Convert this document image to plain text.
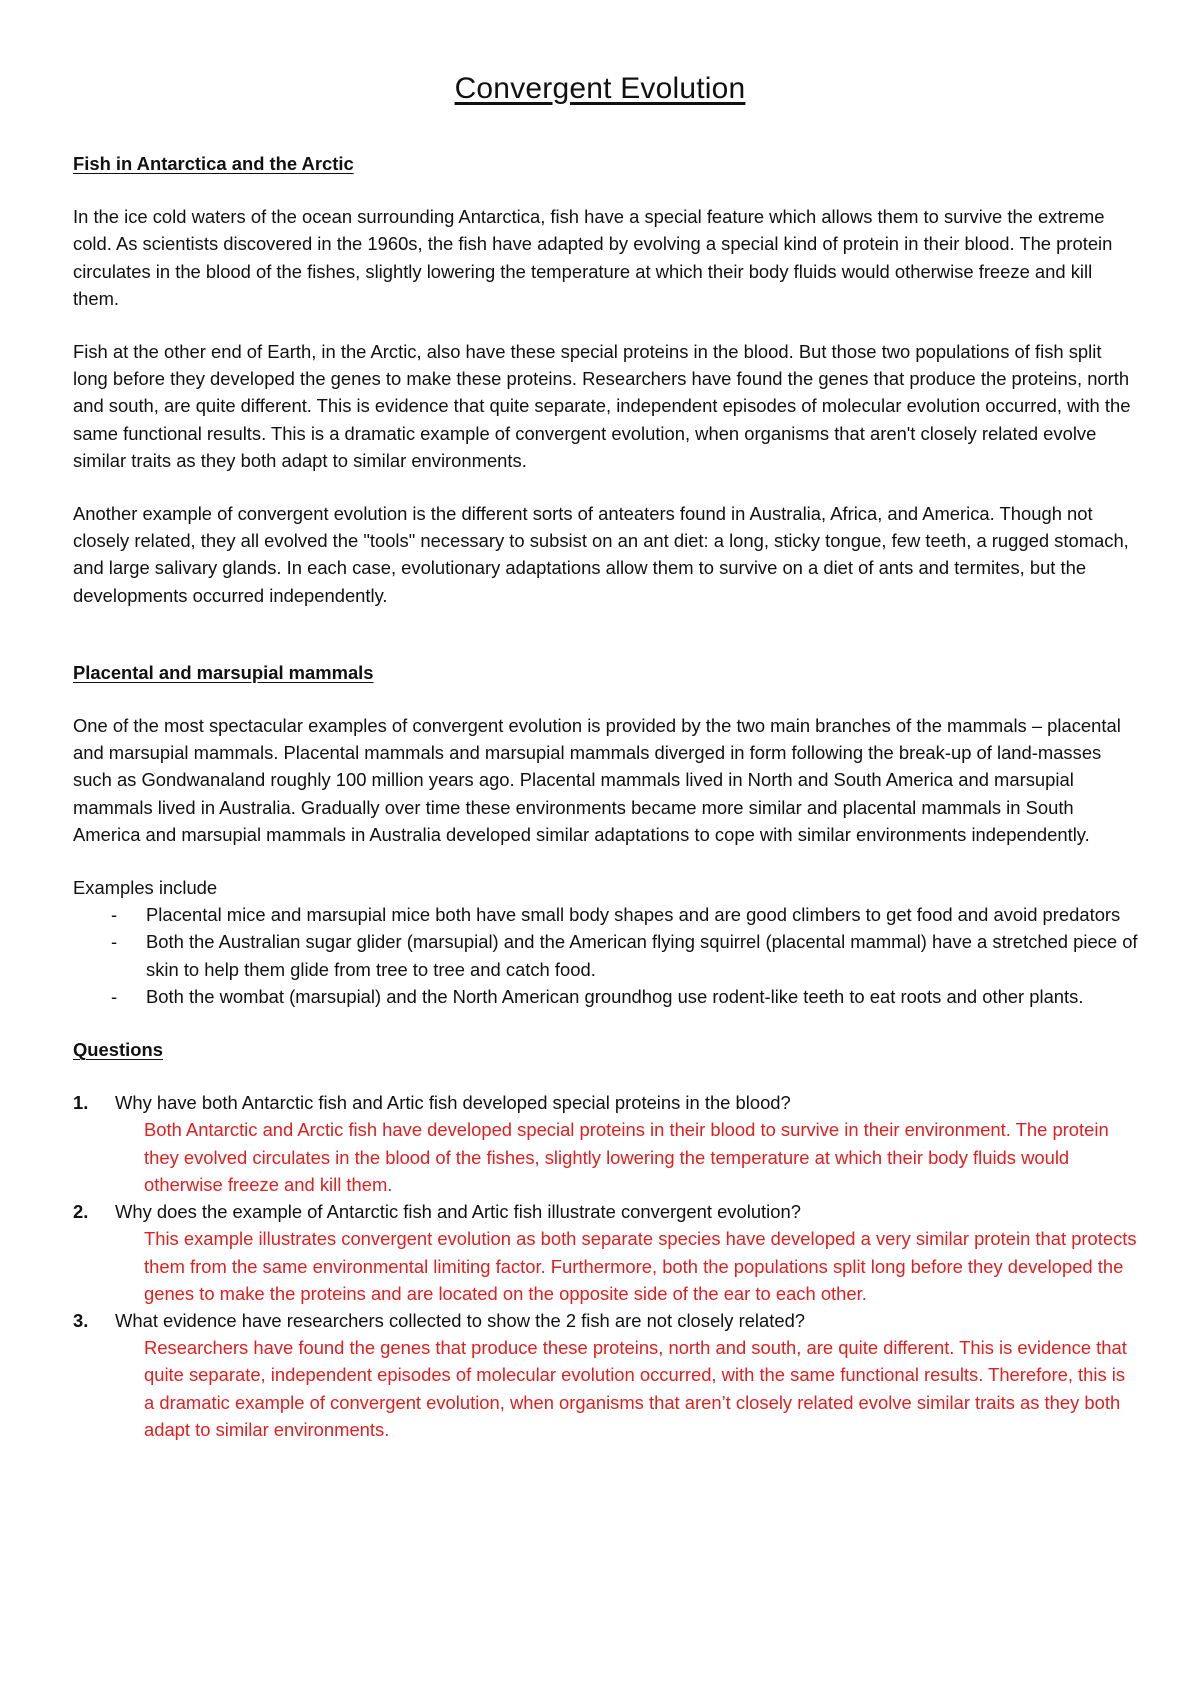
Convergent Evolution

Fish in Antarctica and the Arctic

In the ice cold waters of the ocean surrounding Antarctica, fish have a special feature which allows them to survive the extreme cold. As scientists discovered in the 1960s, the fish have adapted by evolving a special kind of protein in their blood. The protein circulates in the blood of the fishes, slightly lowering the temperature at which their body fluids would otherwise freeze and kill them.

Fish at the other end of Earth, in the Arctic, also have these special proteins in the blood. But those two populations of fish split long before they developed the genes to make these proteins. Researchers have found the genes that produce the proteins, north and south, are quite different. This is evidence that quite separate, independent episodes of molecular evolution occurred, with the same functional results. This is a dramatic example of convergent evolution, when organisms that aren't closely related evolve similar traits as they both adapt to similar environments.

Another example of convergent evolution is the different sorts of anteaters found in Australia, Africa, and America. Though not closely related, they all evolved the "tools" necessary to subsist on an ant diet: a long, sticky tongue, few teeth, a rugged stomach, and large salivary glands. In each case, evolutionary adaptations allow them to survive on a diet of ants and termites, but the developments occurred independently.

Placental and marsupial mammals

One of the most spectacular examples of convergent evolution is provided by the two main branches of the mammals – placental and marsupial mammals. Placental mammals and marsupial mammals diverged in form following the break-up of land-masses such as Gondwanaland roughly 100 million years ago. Placental mammals lived in North and South America and marsupial mammals lived in Australia. Gradually over time these environments became more similar and placental mammals in South America and marsupial mammals in Australia developed similar adaptations to cope with similar environments independently.

Examples include

- Placental mice and marsupial mice both have small body shapes and are good climbers to get food and avoid predators
- Both the Australian sugar glider (marsupial) and the American flying squirrel (placental mammal) have a stretched piece of skin to help them glide from tree to tree and catch food.
- Both the wombat (marsupial) and the North American groundhog use rodent-like teeth to eat roots and other plants.

Questions

1. Why have both Antarctic fish and Artic fish developed special proteins in the blood?

Both Antarctic and Arctic fish have developed special proteins in their blood to survive in their environment. The protein they evolved circulates in the blood of the fishes, slightly lowering the temperature at which their body fluids would otherwise freeze and kill them.

2. Why does the example of Antarctic fish and Artic fish illustrate convergent evolution?

This example illustrates convergent evolution as both separate species have developed a very similar protein that protects them from the same environmental limiting factor. Furthermore, both the populations split long before they developed the genes to make the proteins and are located on the opposite side of the ear to each other.

3. What evidence have researchers collected to show the 2 fish are not closely related?

Researchers have found the genes that produce these proteins, north and south, are quite different. This is evidence that quite separate, independent episodes of molecular evolution occurred, with the same functional results. Therefore, this is a dramatic example of convergent evolution, when organisms that aren’t closely related evolve similar traits as they both adapt to similar environments.
